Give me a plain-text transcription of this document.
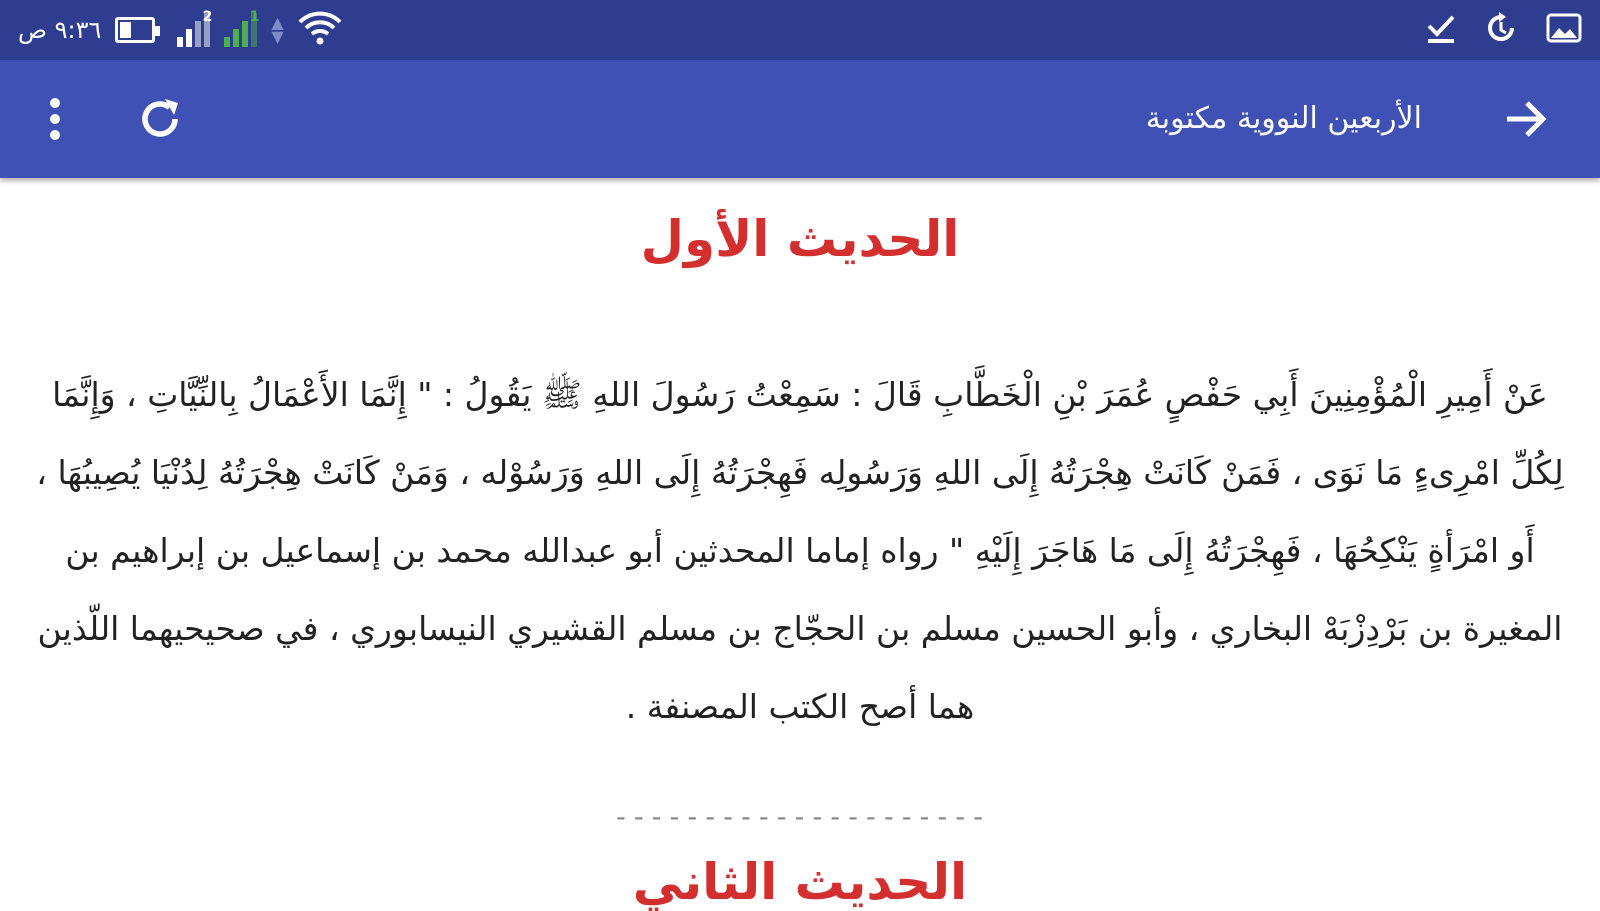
٩:٣٦ ص	2	1 ▲
▼
الأربعين النووية مكتوبة
الحديث الأول
عَنْ أَمِيرِ الْمُؤْمِنِينَ أَبِي حَفْصٍ عُمَرَ بْنِ الْخَطَّابِ قَالَ : سَمِعْتُ رَسُولَ اللهِ ﷺ يَقُولُ : " إِنَّمَا الأَعْمَالُ بِالنِّيَّاتِ ، وَإِنَّمَا لِكُلِّ امْرِىءٍ مَا نَوَى ، فَمَنْ كَانَتْ هِجْرَتُهُ إِلَى اللهِ وَرَسُولِه فَهِجْرَتُهُ إِلَى اللهِ وَرَسُوْله ، وَمَنْ كَانَتْ هِجْرَتُهُ لِدُنْيَا يُصِيبُهَا ، أَو امْرَأةٍ يَنْكِحُهَا ، فَهِجْرَتُهُ إِلَى مَا هَاجَرَ إِلَيْهِ " رواه إماما المحدثين أبو عبدالله محمد بن إسماعيل بن إبراهيم بن المغيرة بن بَرْدِزْبَهْ البخاري ، وأبو الحسين مسلم بن الحجّاج بن مسلم القشيري النيسابوري ، في صحيحيهما اللّذين هما أصح الكتب المصنفة .
---------------------
الحديث الثاني
